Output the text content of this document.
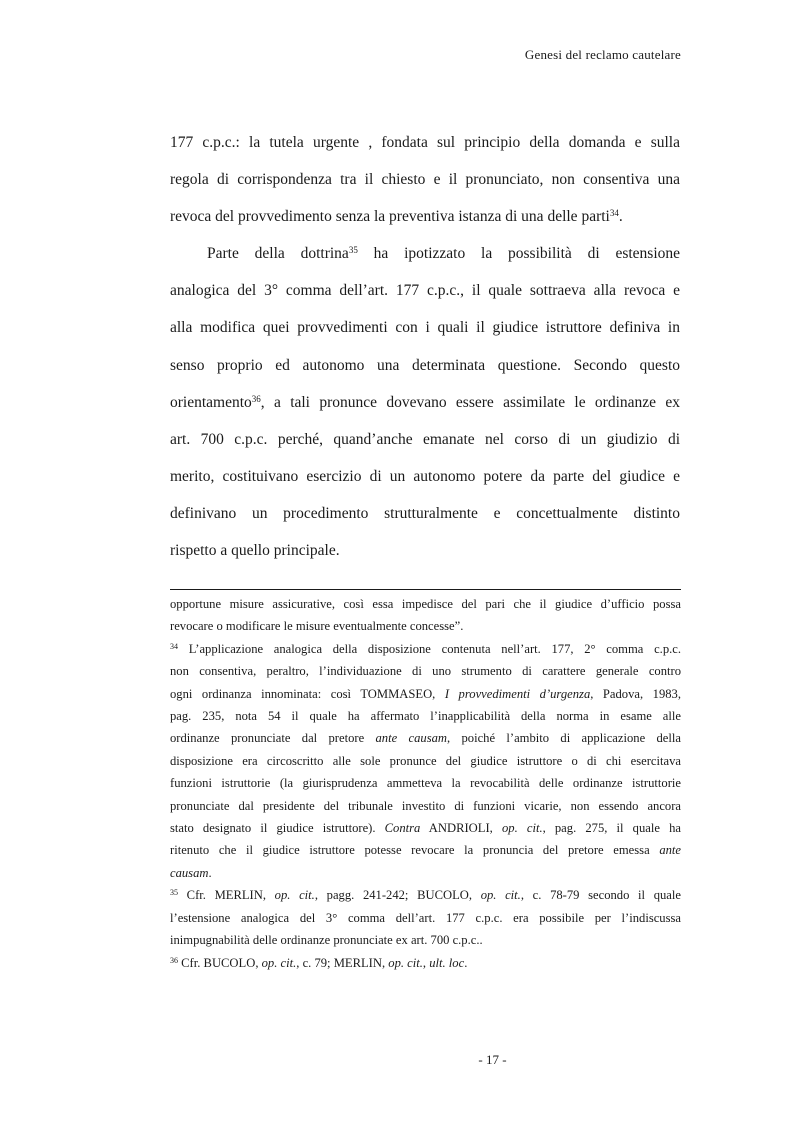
Genesi del reclamo cautelare

177 c.p.c.: la tutela urgente , fondata sul principio della domanda e sulla
regola di corrispondenza tra il chiesto e il pronunciato, non consentiva una
revoca del provvedimento senza la preventiva istanza di una delle parti$^{34}$.

Parte della dottrina$^{35}$ ha ipotizzato la possibilità di estensione
analogica del 3° comma dell’art. 177 c.p.c., il quale sottraeva alla revoca e
alla modifica quei provvedimenti con i quali il giudice istruttore definiva in
senso proprio ed autonomo una determinata questione. Secondo questo
orientamento$^{36}$, a tali pronunce dovevano essere assimilate le ordinanze ex
art. 700 c.p.c. perché, quand’anche emanate nel corso di un giudizio di
merito, costituivano esercizio di un autonomo potere da parte del giudice e
definivano un procedimento strutturalmente e concettualmente distinto
rispetto a quello principale.

opportune misure assicurative, così essa impedisce del pari che il giudice d’ufficio possa
revocare o modificare le misure eventualmente concesse”.
$^{34}$ L’applicazione analogica della disposizione contenuta nell’art. 177, 2° comma c.p.c.
non consentiva, peraltro, l’individuazione di uno strumento di carattere generale contro
ogni ordinanza innominata: così TOMMASEO, I provvedimenti d’urgenza, Padova, 1983,
pag. 235, nota 54 il quale ha affermato l’inapplicabilità della norma in esame alle
ordinanze pronunciate dal pretore ante causam, poiché l’ambito di applicazione della
disposizione era circoscritto alle sole pronunce del giudice istruttore o di chi esercitava
funzioni istruttorie (la giurisprudenza ammetteva la revocabilità delle ordinanze istruttorie
pronunciate dal presidente del tribunale investito di funzioni vicarie, non essendo ancora
stato designato il giudice istruttore). Contra ANDRIOLI, op. cit., pag. 275, il quale ha
ritenuto che il giudice istruttore potesse revocare la pronuncia del pretore emessa ante
causam.
$^{35}$ Cfr. MERLIN, op. cit., pagg. 241-242; BUCOLO, op. cit., c. 78-79 secondo il quale
l’estensione analogica del 3° comma dell’art. 177 c.p.c. era possibile per l’indiscussa
inimpugnabilità delle ordinanze pronunciate ex art. 700 c.p.c..
$^{36}$ Cfr. BUCOLO, op. cit., c. 79; MERLIN, op. cit., ult. loc.
- 17 -
